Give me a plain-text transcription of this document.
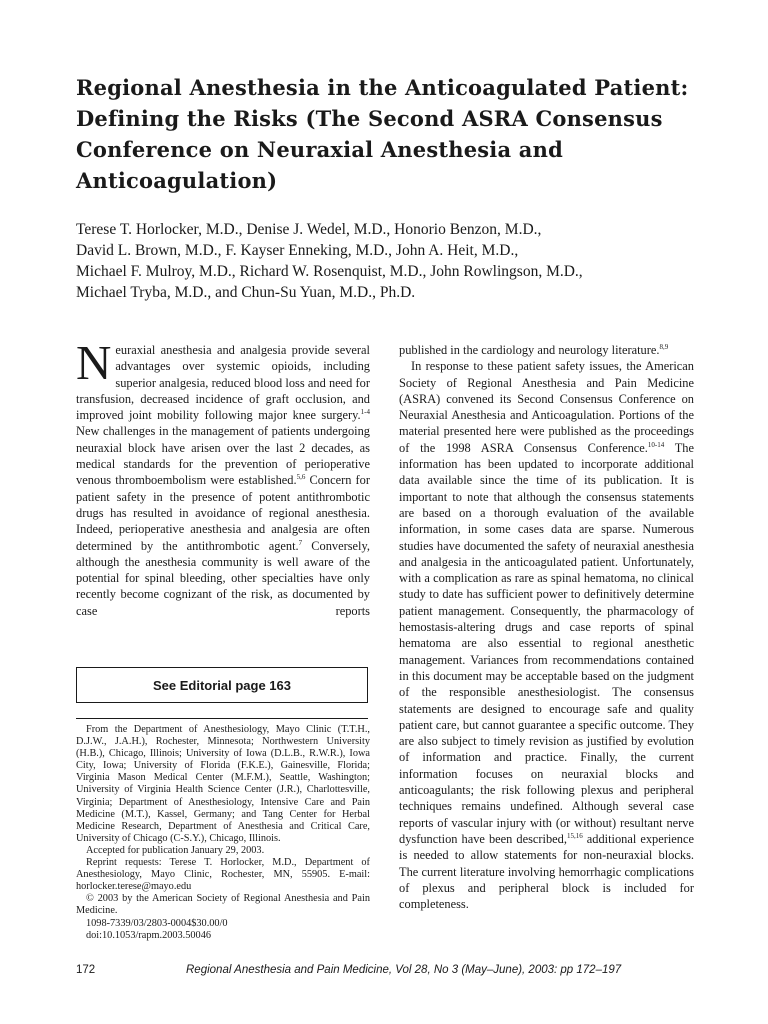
Regional Anesthesia in the Anticoagulated Patient: Defining the Risks (The Second ASRA Consensus Conference on Neuraxial Anesthesia and Anticoagulation)
Terese T. Horlocker, M.D., Denise J. Wedel, M.D., Honorio Benzon, M.D.,
David L. Brown, M.D., F. Kayser Enneking, M.D., John A. Heit, M.D.,
Michael F. Mulroy, M.D., Richard W. Rosenquist, M.D., John Rowlingson, M.D.,
Michael Tryba, M.D., and Chun-Su Yuan, M.D., Ph.D.

Neuraxial anesthesia and analgesia provide several advantages over systemic opioids, including superior analgesia, reduced blood loss and need for transfusion, decreased incidence of graft occlusion, and improved joint mobility following major knee surgery.$^{1-4}$ New challenges in the management of patients undergoing neuraxial block have arisen over the last 2 decades, as medical standards for the prevention of perioperative venous thromboembolism were established.$^{5,6}$ Concern for patient safety in the presence of potent antithrombotic drugs has resulted in avoidance of regional anesthesia. Indeed, perioperative anesthesia and analgesia are often determined by the antithrombotic agent.$^7$ Conversely, although the anesthesia community is well aware of the potential for spinal bleeding, other specialties have only recently become cognizant of the risk, as documented by case reports

published in the cardiology and neurology literature.$^{8,9}$

In response to these patient safety issues, the American Society of Regional Anesthesia and Pain Medicine (ASRA) convened its Second Consensus Conference on Neuraxial Anesthesia and Anticoagulation. Portions of the material presented here were published as the proceedings of the 1998 ASRA Consensus Conference.$^{10-14}$ The information has been updated to incorporate additional data available since the time of its publication. It is important to note that although the consensus statements are based on a thorough evaluation of the available information, in some cases data are sparse. Numerous studies have documented the safety of neuraxial anesthesia and analgesia in the anticoagulated patient. Unfortunately, with a complication as rare as spinal hematoma, no clinical study to date has sufficient power to definitively determine patient management. Consequently, the pharmacology of hemostasis-altering drugs and case reports of spinal hematoma are also essential to regional anesthetic management. Variances from recommendations contained in this document may be acceptable based on the judgment of the responsible anesthesiologist. The consensus statements are designed to encourage safe and quality patient care, but cannot guarantee a specific outcome. They are also subject to timely revision as justified by evolution of information and practice. Finally, the current information focuses on neuraxial blocks and anticoagulants; the risk following plexus and peripheral techniques remains undefined. Although several case reports of vascular injury with (or without) resultant nerve dysfunction have been described,$^{15,16}$ additional experience is needed to allow statements for non-neuraxial blocks. The current literature involving hemorrhagic complications of plexus and peripheral block is included for completeness.

See Editorial page 163

From the Department of Anesthesiology, Mayo Clinic (T.T.H., D.J.W., J.A.H.), Rochester, Minnesota; Northwestern University (H.B.), Chicago, Illinois; University of Iowa (D.L.B., R.W.R.), Iowa City, Iowa; University of Florida (F.K.E.), Gainesville, Florida; Virginia Mason Medical Center (M.F.M.), Seattle, Washington; University of Virginia Health Science Center (J.R.), Charlottesville, Virginia; Department of Anesthesiology, Intensive Care and Pain Medicine (M.T.), Kassel, Germany; and Tang Center for Herbal Medicine Research, Department of Anesthesia and Critical Care, University of Chicago (C-S.Y.), Chicago, Illinois.

Accepted for publication January 29, 2003.

Reprint requests: Terese T. Horlocker, M.D., Department of Anesthesiology, Mayo Clinic, Rochester, MN, 55905. E-mail: horlocker.terese@mayo.edu

© 2003 by the American Society of Regional Anesthesia and Pain Medicine.

1098-7339/03/2803-0004$30.00/0

doi:10.1053/rapm.2003.50046

172	Regional Anesthesia and Pain Medicine, Vol 28, No 3 (May–June), 2003: pp 172–197
